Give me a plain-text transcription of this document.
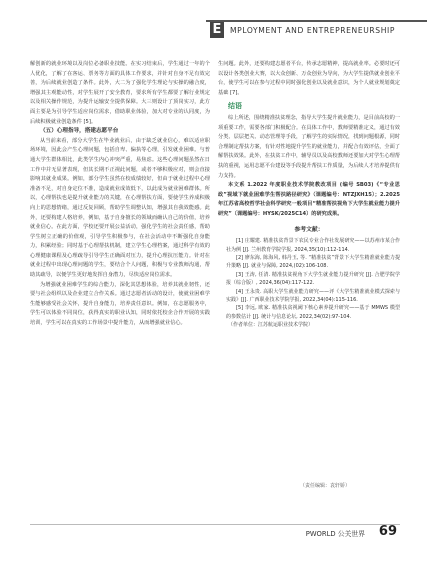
E	MPLOYMENT AND ENTREPRENEURSHIP

解创新的就业环境以及岗位必备职业技能。在实习结束后，学生通过一年的个人优化，了解了在客运、票务等方面的具体工作要求，并针对自身不足有效完善，为后续就业创造了条件。此外，大二为了强化学生理论与实操的融合度，增强其主观能动性，对学生展开了安全教育，要求所有学生都要了解行业规定以及相关操作规范，为提升运输安全提供保障。大三则设计了顶岗实习，此方面主要是为引导学生适应岗位需求，借助职业体验，加大对专业的认同度，为后续积极就业创造条件 [5]。

（五）心理指导，搭建志愿平台

从当前来看，部分大学生在毕业就业后，由于缺乏就业信心，难以适应职场环境，因此会产生心理问题，包括自卑、偏执等心理，引发就业困难。与普通大学生群体相比，此类学生内心冲突严重，易焦虑。这些心理问题虽然在日工作中并无显著表现，但其长期不正视此问题，或者不够积极应对，则会直接影响其就业成果。例如，部分学生虽然在校成绩较好，但由于就业过程中心理准备不足，对自身定位不准，造成就业成效低下，以此成为就业困难群体。所以，心理帮扶也是提升就业能力的关键，在心理帮扶方面，要使学生养成积极向上的思想情绪，通过反复回顾，帮助学生调整认知，增强其自我效能感。此外，还要构建人格培养，例如，基于自身擅长的领域而确认自己的价值，培养就业信心。在此方面，学校还要开展公益活动，强化学生的社会责任感，帮助学生树立正确的价值观，引导学生积极参与，在社会活动中不断强化自身能力，积累经验；同时基于心理帮扶机制，建立学生心理档案，通过科学有效的心理健康课程及心理疏导引导学生正确面对压力，提升心理抗压能力。针对在就业过程中出现心理问题的学生，要结合个人问题，积极与专业教师沟通，帮助其疏导，以便学生更好地发挥自身潜力，尽快适应岗位需求。

为增强就业困难学生的综合能力，深化其思想体验，培养其就业韧性，还要与社会组织以及企业建立合作关系。通过志愿者活动的设计，使就业困难学生能够感受社会关怀，提升自身能力，培养责任意识。例如，在志愿服务中，学生可以体验不同岗位，获得真实的职业认知，同时依托校企合作开展的实践培训，学生可以在真实的工作场景中提升能力，从而增强就业信心。

生问题。此外，还要构建志愿者平台，传承志愿精神，提高就业率。必要时还可以设计各类创业大赛，以大众创新、万众创业为导向，为大学生提供就业创业平台，使学生可以在参与过程中同时强化创业以及就业意识，为个人就业规划奠定基础 [7]。

结语

综上所述，围绕精准扶贫理念，指导大学生提升就业能力，是目前高校的一项重要工作，需要各部门积极配合。在具体工作中，教师要精准定义，通过有效分类、层层把关、动态管理等手段，了解学生的实际情况，找到问题根源，同时合理制定帮扶方案，有针对性地提升学生的就业能力，并配合有效评估，全面了解帮扶效果。此外，在扶贫工作中，辅导员以及高校教师还要加大对学生心理帮扶的重视，运用志愿平台建设等手段提升帮扶工作质量，为后续人才培养提供有力支持。

本文系 1.2022 年度职业技术学院教改项目 (编号 SB03)《“专业思政”视域下就业困难学生帮扶路径研究》（课题编号：NTZJXH15）；2.2025 年江苏省高校哲学社会科学研究一般项目“精准帮扶视角下大学生就业能力提升研究”（课题编号：HYSK/2025C14）的研究成果。

参考文献：

[1] 庄耀建. 精准扶贫背景下农民专业合作社发展研究——以苏州市某合作社为例 [J]. 兰州教育学院学报, 2024,35(10):112-114.

[2] 廖东海, 陈海风, 韩丹玉, 等. “精准扶贫”背景下大学生精准就业能力提升策略 [J]. 就业与保障, 2024,(02):106-108.

[3] 王涛, 任清. 精准扶贫视角下大学生就业能力提升研究 [J]. 合肥学院学报（综合版）, 2024,36(04):117-122.

[4] 王永贵. 高职大学生就业能力研究——评《大学生精准就业模式探索与实践》[J]. 广西职业技术学院学报, 2022,34(04):115-116.

[5] 李远, 欧家. 精准扶贫视阈下核心素养提升研究——基于 MMWS 模型的参数估计 [J]. 统计与信息论坛, 2022,34(02):97-104.

（作者单位：江苏航运职业技术学院）

（责任编辑：袁轩娇）
PWORLD 公关世界 69
